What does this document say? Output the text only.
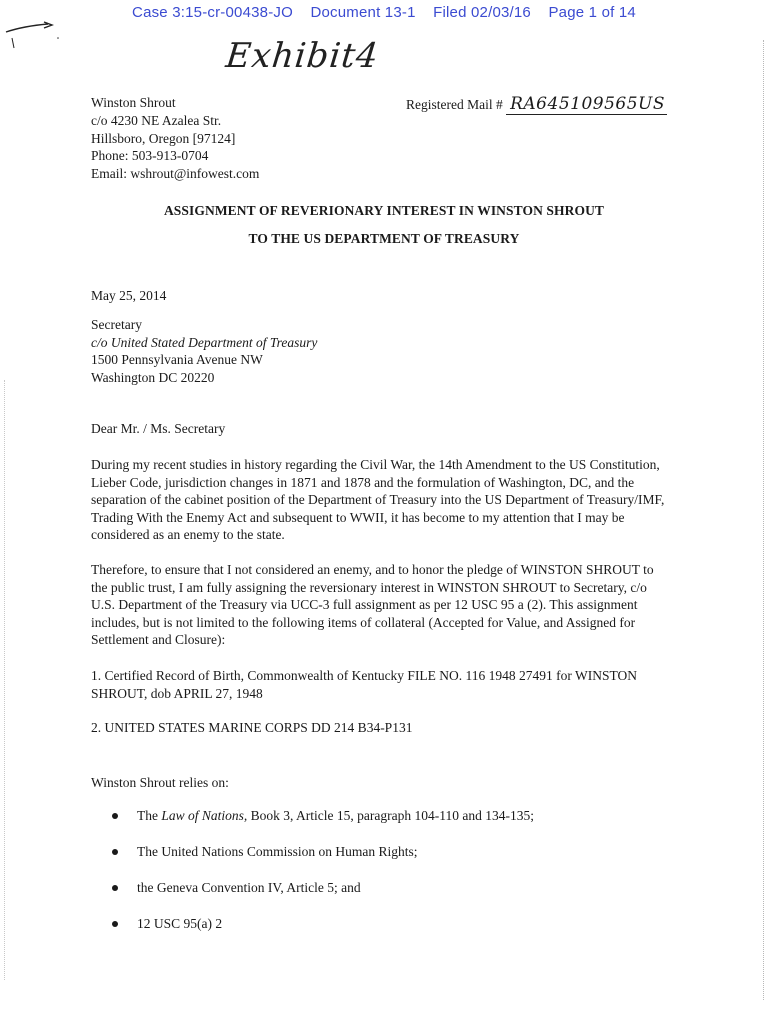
Case 3:15-cr-00438-JO Document 13-1 Filed 02/03/16 Page 1 of 14
Exhibit4
Winston Shrout
c/o 4230 NE Azalea Str.
Hillsboro, Oregon [97124]
Phone: 503-913-0704
Email: wshrout@infowest.com
Registered Mail # RA645109565US
ASSIGNMENT OF REVERIONARY INTEREST IN WINSTON SHROUT
TO THE US DEPARTMENT OF TREASURY
May 25, 2014
Secretary
c/o United Stated Department of Treasury
1500 Pennsylvania Avenue NW
Washington DC 20220
Dear Mr. / Ms. Secretary
During my recent studies in history regarding the Civil War, the 14th Amendment to the US Constitution, Lieber Code, jurisdiction changes in 1871 and 1878 and the formulation of Washington, DC, and the separation of the cabinet position of the Department of Treasury into the US Department of Treasury/IMF, Trading With the Enemy Act and subsequent to WWII, it has become to my attention that I may be considered as an enemy to the state.
Therefore, to ensure that I not considered an enemy, and to honor the pledge of WINSTON SHROUT to the public trust, I am fully assigning the reversionary interest in WINSTON SHROUT to Secretary, c/o U.S. Department of the Treasury via UCC-3 full assignment as per 12 USC 95 a (2). This assignment includes, but is not limited to the following items of collateral (Accepted for Value, and Assigned for Settlement and Closure):
1. Certified Record of Birth, Commonwealth of Kentucky FILE NO. 116 1948 27491 for WINSTON SHROUT, dob APRIL 27, 1948
2. UNITED STATES MARINE CORPS DD 214 B34-P131
Winston Shrout relies on:
The Law of Nations, Book 3, Article 15, paragraph 104-110 and 134-135;
The United Nations Commission on Human Rights;
the Geneva Convention IV, Article 5; and
12 USC 95(a) 2
